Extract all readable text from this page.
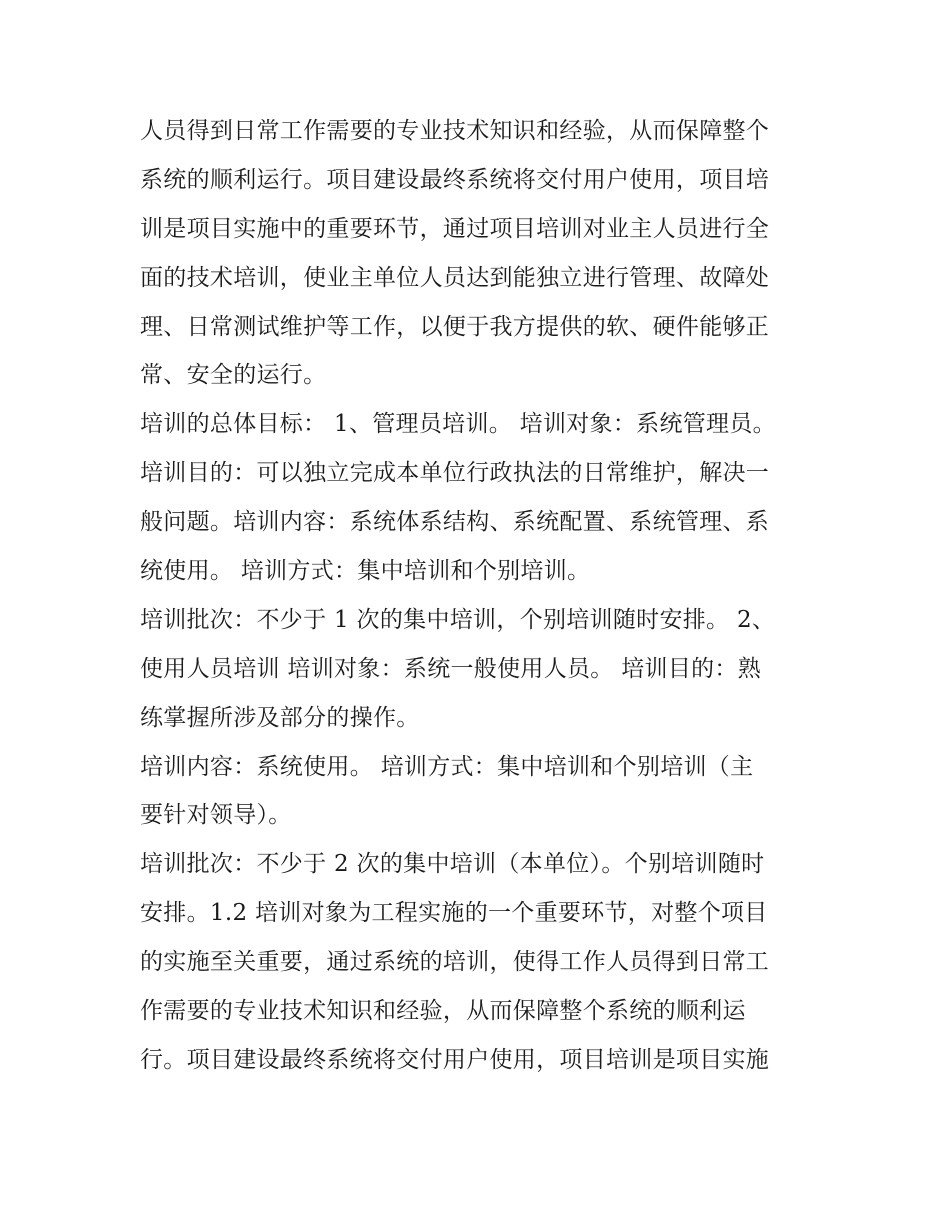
人员得到日常工作需要的专业技术知识和经验，从而保障整个
系统的顺利运行。项目建设最终系统将交付用户使用，项目培
训是项目实施中的重要环节，通过项目培训对业主人员进行全
面的技术培训，使业主单位人员达到能独立进行管理、故障处
理、日常测试维护等工作，以便于我方提供的软、硬件能够正
常、安全的运行。
培训的总体目标： 1、管理员培训。 培训对象：系统管理员。
培训目的：可以独立完成本单位行政执法的日常维护，解决一
般问题。培训内容：系统体系结构、系统配置、系统管理、系
统使用。 培训方式：集中培训和个别培训。
培训批次：不少于 1 次的集中培训，个别培训随时安排。 2、
使用人员培训 培训对象：系统一般使用人员。 培训目的：熟
练掌握所涉及部分的操作。
培训内容：系统使用。 培训方式：集中培训和个别培训（主
要针对领导）。
培训批次：不少于 2 次的集中培训（本单位）。个别培训随时
安排。1.2 培训对象为工程实施的一个重要环节，对整个项目
的实施至关重要，通过系统的培训，使得工作人员得到日常工
作需要的专业技术知识和经验，从而保障整个系统的顺利运
行。项目建设最终系统将交付用户使用，项目培训是项目实施
